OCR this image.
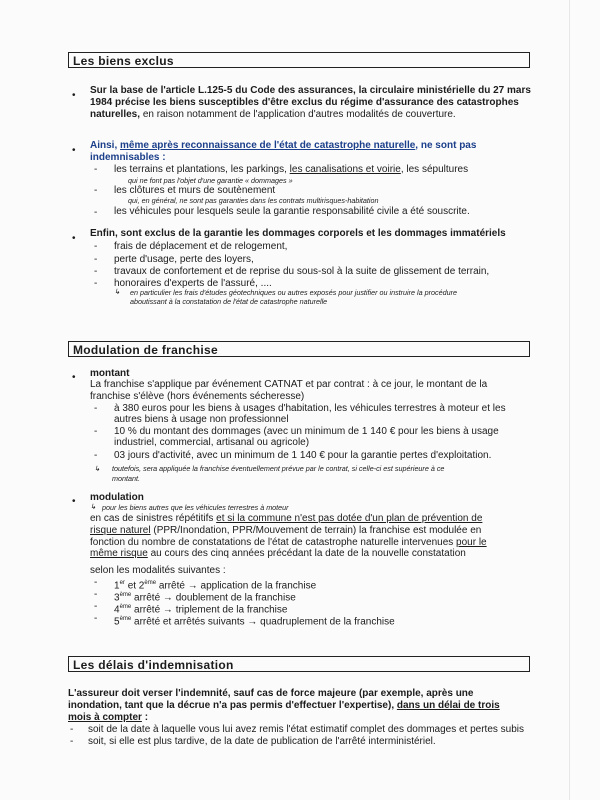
Les biens exclus
• Sur la base de l'article L.125-5 du Code des assurances, la circulaire ministérielle du 27 mars 1984 précise les biens susceptibles d'être exclus du régime d'assurance des catastrophes naturelles, en raison notamment de l'application d'autres modalités de couverture.
• Ainsi, même après reconnaissance de l'état de catastrophe naturelle, ne sont pas indemnisables :
- les terrains et plantations, les parkings, les canalisations et voirie, les sépultures
qui ne font pas l'objet d'une garantie « dommages »
- les clôtures et murs de soutènement
qui, en général, ne sont pas garanties dans les contrats multirisques-habitation
- les véhicules pour lesquels seule la garantie responsabilité civile a été souscrite.
• Enfin, sont exclus de la garantie les dommages corporels et les dommages immatériels
- frais de déplacement et de relogement,
- perte d'usage, perte des loyers,
- travaux de confortement et de reprise du sous-sol à la suite de glissement de terrain,
- honoraires d'experts de l'assuré, ....
↳ en particulier les frais d'études géotechniques ou autres exposés pour justifier ou instruire la procédure
aboutissant à la constatation de l'état de catastrophe naturelle
Modulation de franchise
• montant
La franchise s'applique par événement CATNAT et par contrat : à ce jour, le montant de la
franchise s'élève (hors événements sécheresse)
- à 380 euros pour les biens à usages d'habitation, les véhicules terrestres à moteur et les
autres biens à usage non professionnel
- 10 % du montant des dommages (avec un minimum de 1 140 € pour les biens à usage
industriel, commercial, artisanal ou agricole)
- 03 jours d'activité, avec un minimum de 1 140 € pour la garantie pertes d'exploitation.
↳ toutefois, sera appliquée la franchise éventuellement prévue par le contrat, si celle-ci est supérieure à ce
montant.
• modulation
↳ pour les biens autres que les véhicules terrestres à moteur
en cas de sinistres répétitifs et si la commune n'est pas dotée d'un plan de prévention de
risque naturel (PPR/Inondation, PPR/Mouvement de terrain) la franchise est modulée en
fonction du nombre de constatations de l'état de catastrophe naturelle intervenues pour le
même risque au cours des cinq années précédant la date de la nouvelle constatation
selon les modalités suivantes :
- 1er et 2ème arrêté → application de la franchise
- 3ème arrêté → doublement de la franchise
- 4ème arrêté → triplement de la franchise
- 5ème arrêté et arrêtés suivants → quadruplement de la franchise
Les délais d'indemnisation
L'assureur doit verser l'indemnité, sauf cas de force majeure (par exemple, après une
inondation, tant que la décrue n'a pas permis d'effectuer l'expertise), dans un délai de trois
mois à compter :
- soit de la date à laquelle vous lui avez remis l'état estimatif complet des dommages et pertes subis
- soit, si elle est plus tardive, de la date de publication de l'arrêté interministériel.
